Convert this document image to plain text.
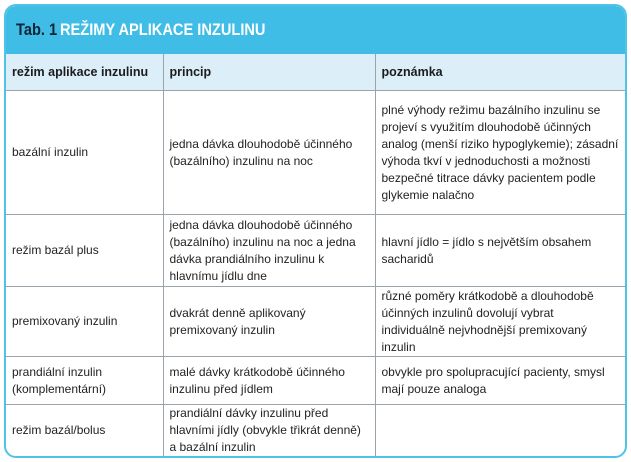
Tab. 1 REŽIMY APLIKACE INZULINU
režim aplikace inzulinu	princip	poznámka
bazální inzulin	jedna dávka dlouhodobě účinného (bazálního) inzulinu na noc	plné výhody režimu bazálního inzulinu se projeví s využitím dlouhodobě účinných analog (menší riziko hypoglykemie); zásadní výhoda tkví v jednoduchosti a možnosti bezpečné titrace dávky pacientem podle glykemie nalačno
režim bazál plus	jedna dávka dlouhodobě účinného (bazálního) inzulinu na noc a jedna dávka prandiálního inzulinu k hlavnímu jídlu dne	hlavní jídlo = jídlo s největším obsahem sacharidů
premixovaný inzulin	dvakrát denně aplikovaný premixovaný inzulin	různé poměry krátkodobě a dlouhodobě účinných inzulinů dovolují vybrat individuálně nejvhodnější premixovaný inzulin
prandiální inzulin (komplementární)	malé dávky krátkodobě účinného inzulinu před jídlem	obvykle pro spolupracující pacienty, smysl mají pouze analoga
režim bazál/bolus	prandiální dávky inzulinu před hlavními jídly (obvykle třikrát denně) a bazální inzulin	
